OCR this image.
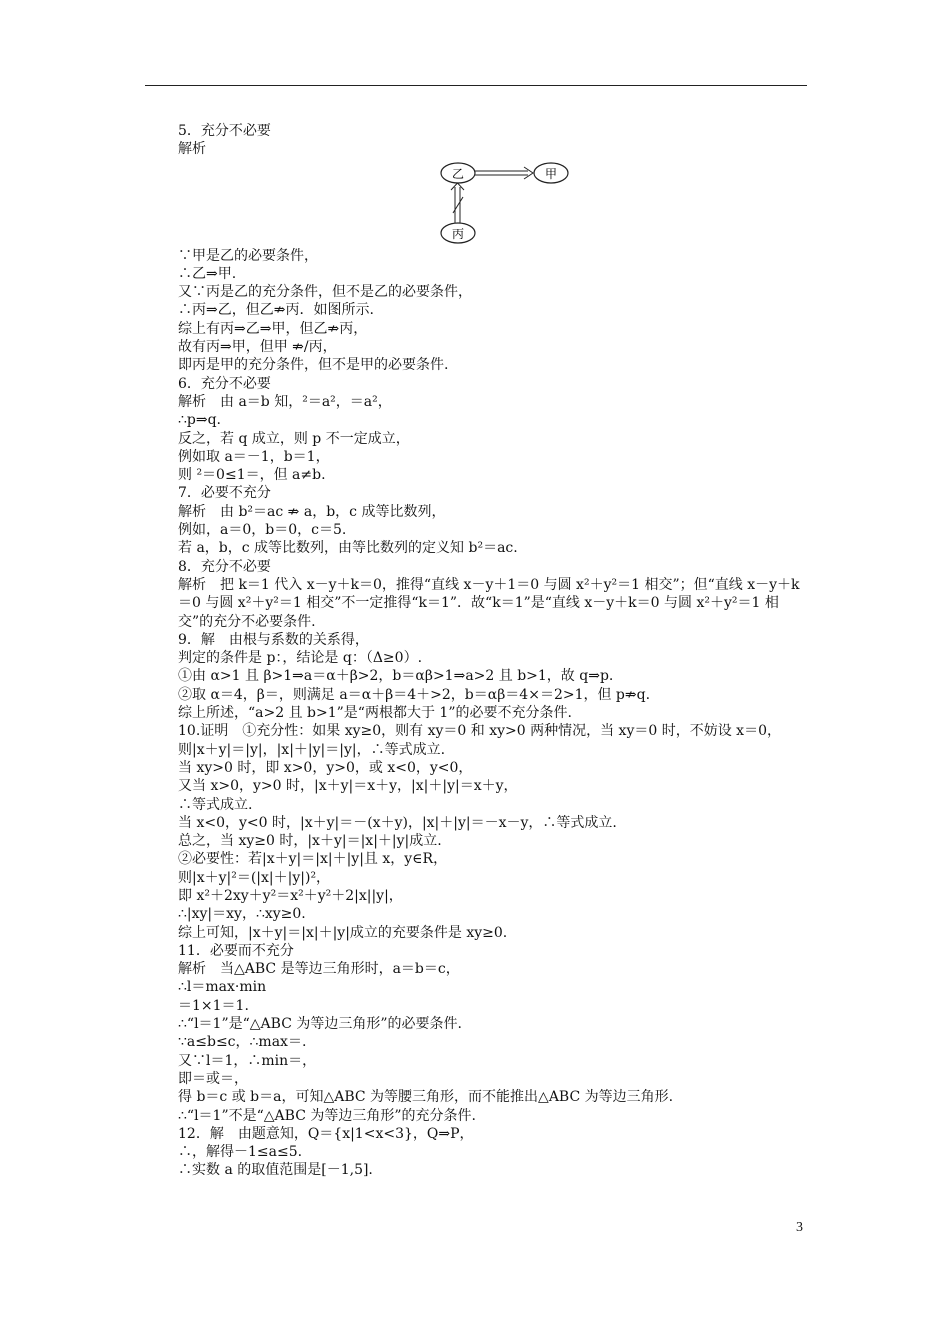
5．充分不必要
解析
乙	甲
丙
∵甲是乙的必要条件，
∴乙⇒甲.
又∵丙是乙的充分条件，但不是乙的必要条件，
∴丙⇒乙，但乙⇏丙．如图所示.
综上有丙⇒乙⇒甲，但乙⇏丙，
故有丙⇒甲，但甲 ⇏/丙，
即丙是甲的充分条件，但不是甲的必要条件.
6．充分不必要
解析　由 a＝b 知，²＝a²，＝a²，
∴p⇒q.
反之，若 q 成立，则 p 不一定成立，
例如取 a＝－1，b＝1，
则 ²＝0≤1＝，但 a≠b.
7．必要不充分
解析　由 b²＝ac ⇏ a，b，c 成等比数列，
例如，a＝0，b＝0，c＝5.
若 a，b，c 成等比数列，由等比数列的定义知 b²＝ac.
8．充分不必要
解析　把 k＝1 代入 x－y＋k＝0，推得“直线 x－y＋1＝0 与圆 x²＋y²＝1 相交”；但“直线 x－y＋k＝0 与圆 x²＋y²＝1 相交”不一定推得“k＝1”．故“k＝1”是“直线 x－y＋k＝0 与圆 x²＋y²＝1 相交”的充分不必要条件.
9．解　由根与系数的关系得，
判定的条件是 p：，结论是 q：（Δ≥0）.
①由 α>1 且 β>1⇒a＝α＋β>2，b＝αβ>1⇒a>2 且 b>1，故 q⇒p.
②取 α＝4，β＝，则满足 a＝α＋β＝4＋>2，b＝αβ＝4×＝2>1，但 p⇏q.
综上所述，“a>2 且 b>1”是“两根都大于 1”的必要不充分条件.
10.证明　①充分性：如果 xy≥0，则有 xy＝0 和 xy>0 两种情况，当 xy＝0 时，不妨设 x＝0，
则|x＋y|＝|y|，|x|＋|y|＝|y|，∴等式成立.
当 xy>0 时，即 x>0，y>0，或 x<0，y<0，
又当 x>0，y>0 时，|x＋y|＝x＋y，|x|＋|y|＝x＋y，
∴等式成立.
当 x<0，y<0 时，|x＋y|＝－(x＋y)，|x|＋|y|＝－x－y，∴等式成立.
总之，当 xy≥0 时，|x＋y|＝|x|＋|y|成立.
②必要性：若|x＋y|＝|x|＋|y|且 x，y∈R，
则|x＋y|²＝(|x|＋|y|)²，
即 x²＋2xy＋y²＝x²＋y²＋2|x||y|，
∴|xy|＝xy，∴xy≥0.
综上可知，|x＋y|＝|x|＋|y|成立的充要条件是 xy≥0.
11．必要而不充分
解析　当△ABC 是等边三角形时，a＝b＝c，
∴l＝max·min
＝1×1＝1.
∴“l＝1”是“△ABC 为等边三角形”的必要条件.
∵a≤b≤c，∴max＝.
又∵l＝1，∴min＝，
即＝或＝，
得 b＝c 或 b＝a，可知△ABC 为等腰三角形，而不能推出△ABC 为等边三角形.
∴“l＝1”不是“△ABC 为等边三角形”的充分条件.
12．解　由题意知，Q＝{x|1<x<3}，Q⇒P，
∴，解得－1≤a≤5.
∴实数 a 的取值范围是[－1,5].
3
